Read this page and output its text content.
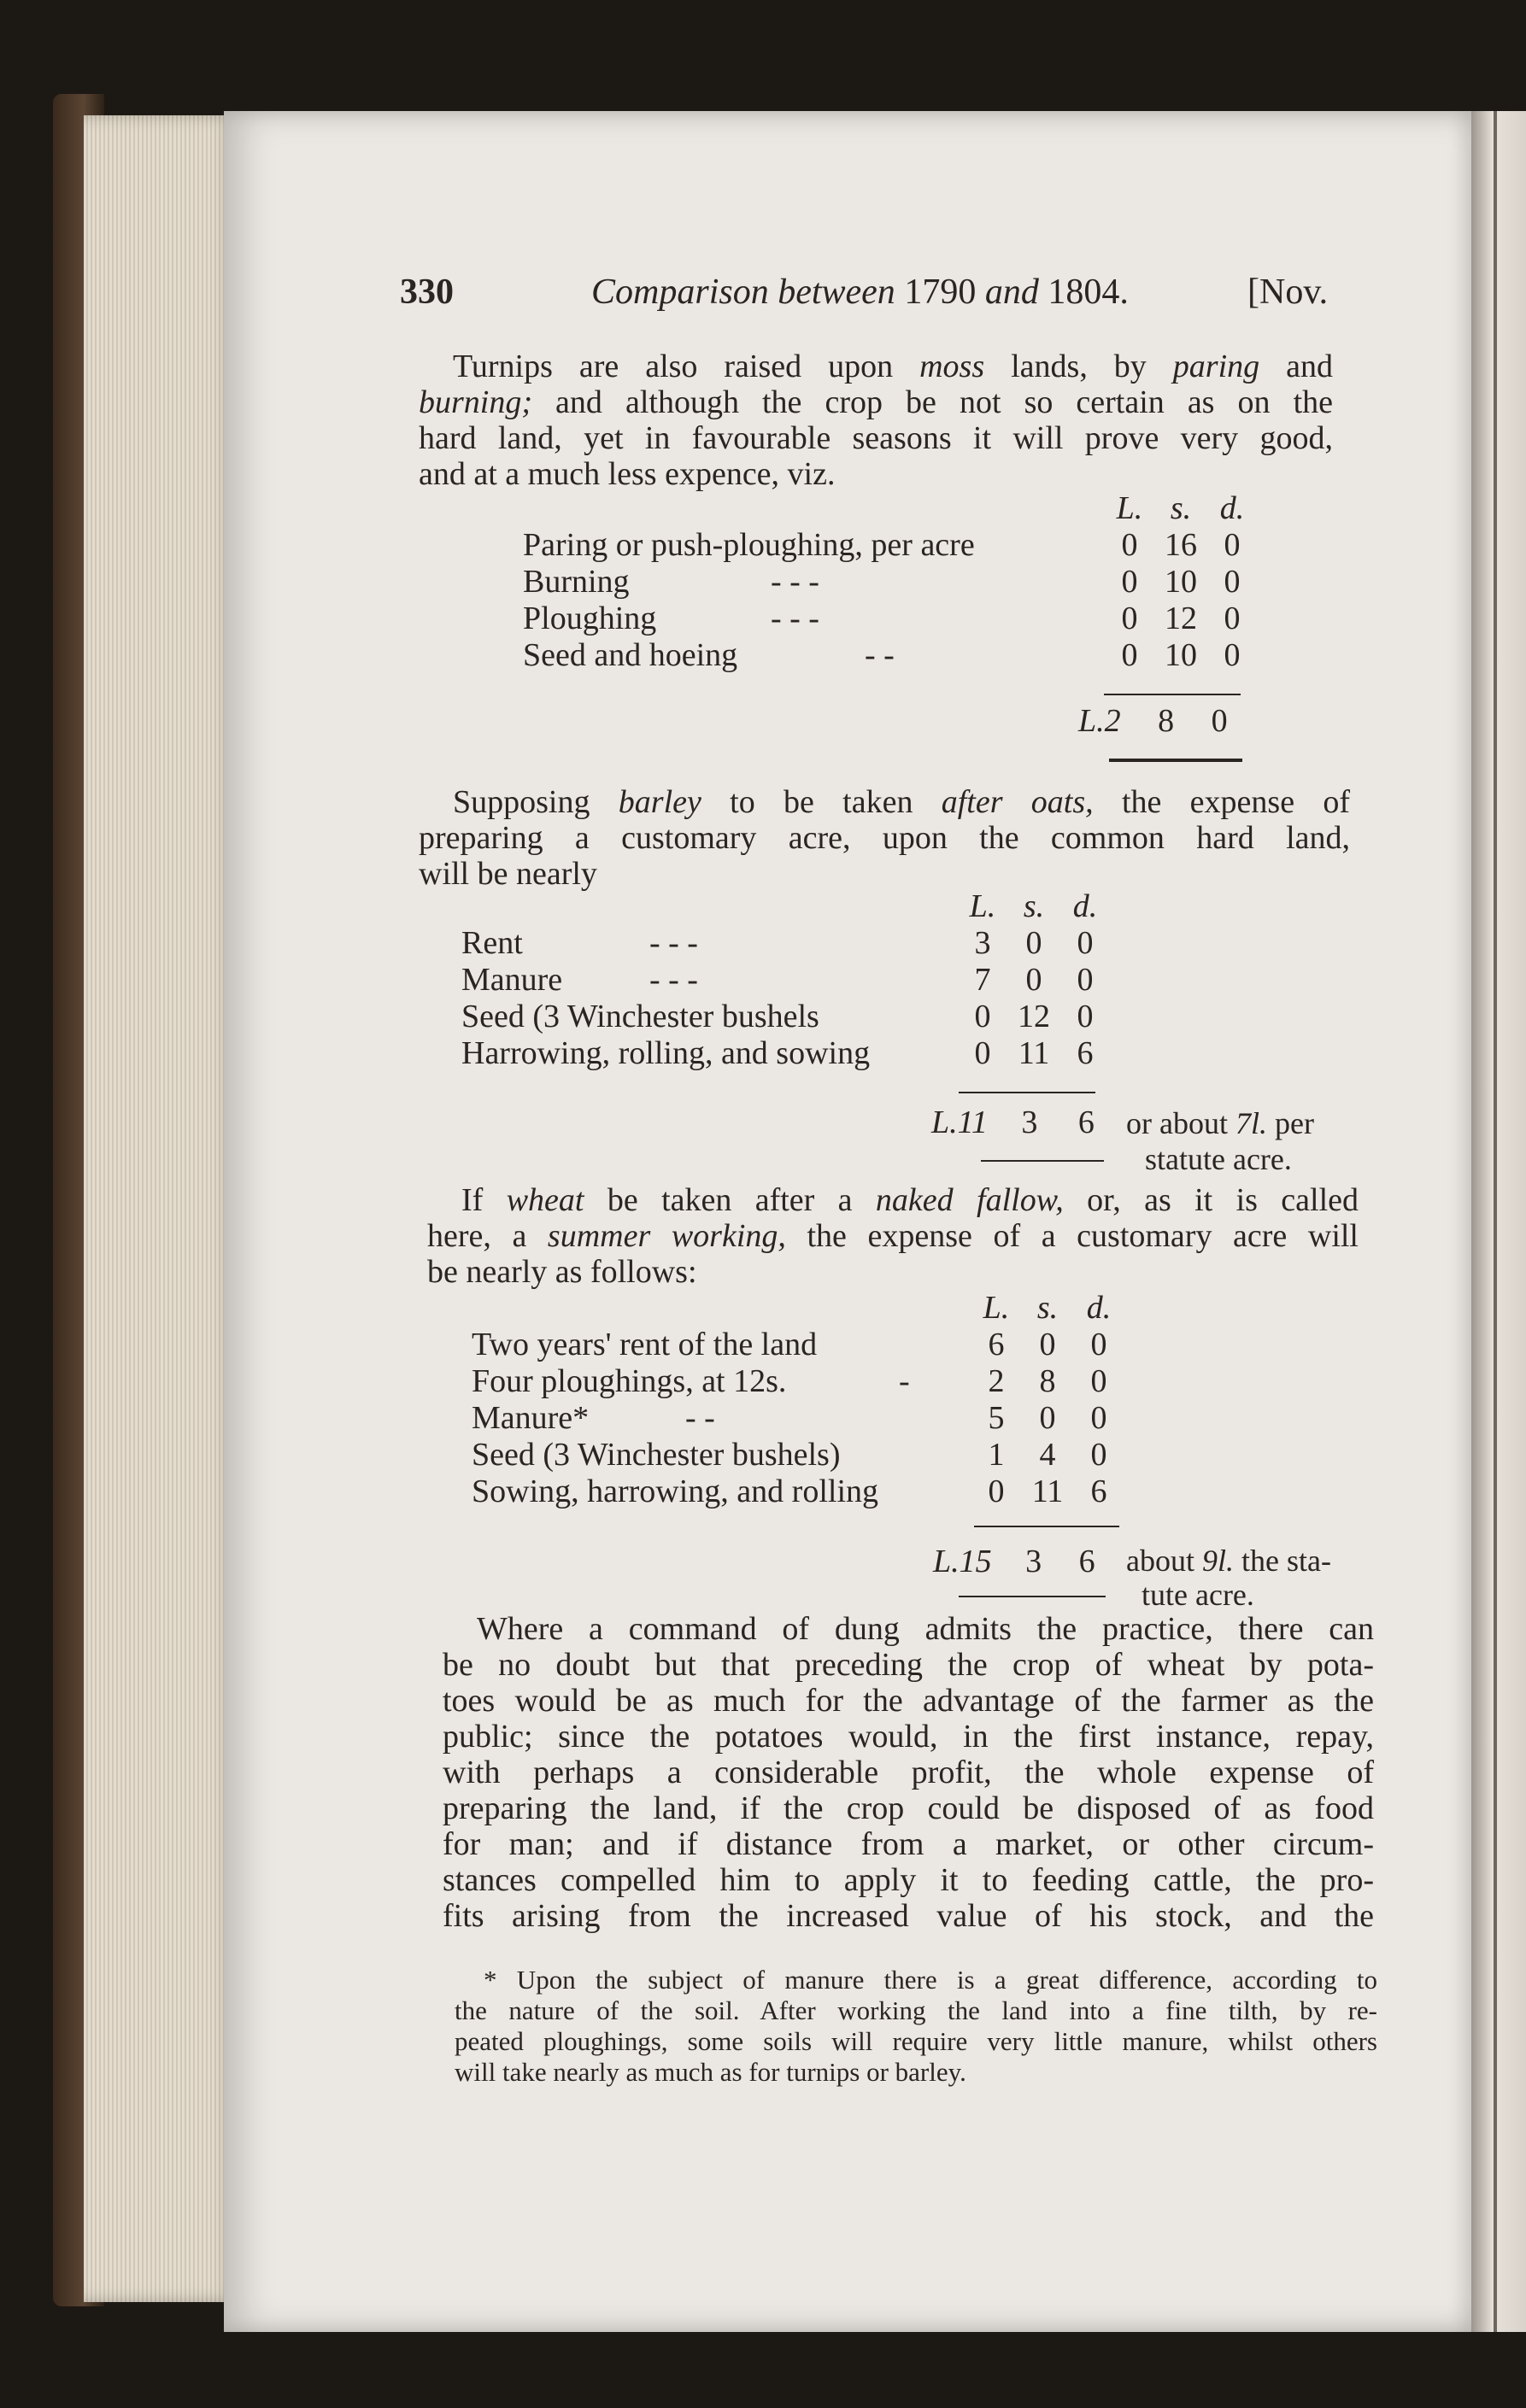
330	Comparison between 1790 and 1804.	[Nov.
Turnips are also raised upon moss lands, by paring and
burning; and although the crop be not so certain as on the
hard land, yet in favourable seasons it will prove very good,
and at a much less expence, viz.
L. s. d.
Paring or push-ploughing, per acre	0 16 0
Burning	- - -	0 10 0
Ploughing	- - -	0 12 0
Seed and hoeing	- -	0 10 0
L.2 8 0
Supposing barley to be taken after oats, the expense of
preparing a customary acre, upon the common hard land,
will be nearly
L. s. d.
Rent	- - -	3	0	0
Manure	- - -	7	0	0
Seed (3 Winchester bushels	0 12 0
Harrowing, rolling, and sowing	0 11 6
L.11 3 6 or about 7l. per
statute acre.
If wheat be taken after a naked fallow, or, as it is called
here, a summer working, the expense of a customary acre will
be nearly as follows:
L. s. d.
Two years' rent of the land	6	0	0
Four ploughings, at 12s.	-	2	8	0
Manure*	- -	5	0	0
Seed (3 Winchester bushels)	1	4	0
Sowing, harrowing, and rolling	0 11 6
L.15 3 6 about 9l. the sta-
tute acre.
Where a command of dung admits the practice, there can
be no doubt but that preceding the crop of wheat by pota-
toes would be as much for the advantage of the farmer as the
public; since the potatoes would, in the first instance, repay,
with perhaps a considerable profit, the whole expense of
preparing the land, if the crop could be disposed of as food
for man; and if distance from a market, or other circum-
stances compelled him to apply it to feeding cattle, the pro-
fits arising from the increased value of his stock, and the
* Upon the subject of manure there is a great difference, according to
the nature of the soil. After working the land into a fine tilth, by re-
peated ploughings, some soils will require very little manure, whilst others
will take nearly as much as for turnips or barley.
